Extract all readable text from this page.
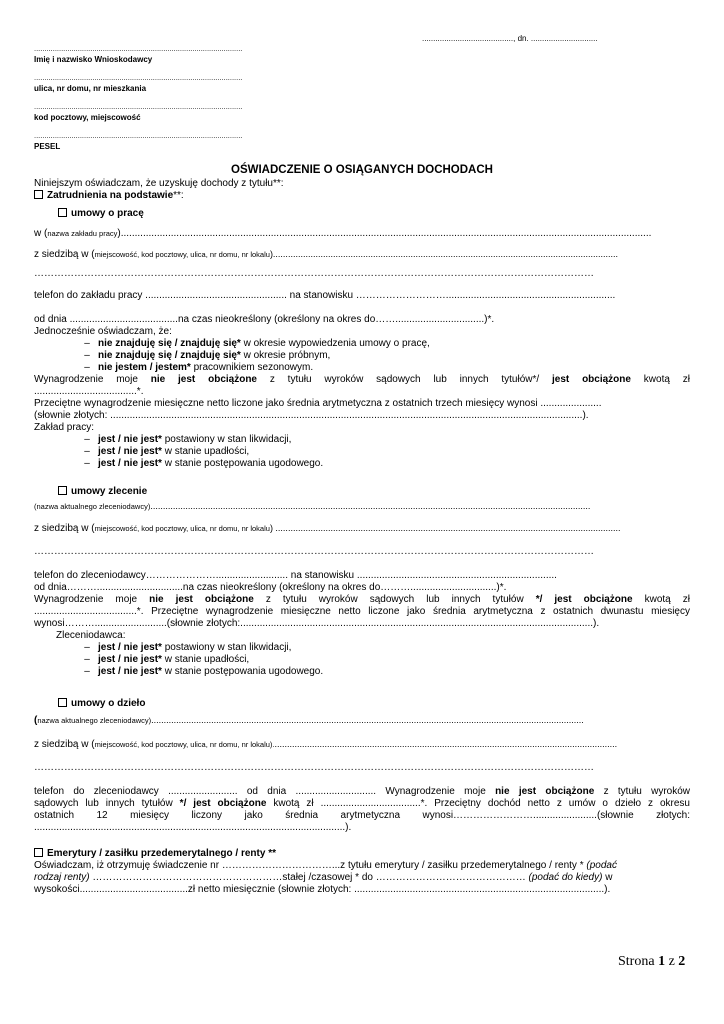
........................................., dn. ..............................
....................................................................................................
Imię i nazwisko Wnioskodawcy
....................................................................................................
ulica, nr domu, nr mieszkania
....................................................................................................
kod pocztowy, miejscowość
....................................................................................................
PESEL
OŚWIADCZENIE O OSIĄGANYCH DOCHODACH
Niniejszym oświadczam, że uzyskuję dochody z tytułu**:
Zatrudnienia na podstawie**:
umowy o pracę
w (nazwa zakładu pracy)...............................................................................................................................................................................................
z siedzibą w (miejscowość, kod pocztowy, ulica, nr domu, nr lokalu)..........................................................................................................................................
……………………………………………………………………………………………………………………………………………………
telefon do zakładu pracy ................................................... na stanowisku ……………………….............................................................
od dnia .......................................na czas nieokreślony (określony na okres do……................................)*.
Jednocześnie oświadczam, że:
– nie znajduję się / znajduję się* w okresie wypowiedzenia umowy o pracę,
– nie znajduję się / znajduję się* w okresie próbnym,
– nie jestem / jestem* pracownikiem sezonowym.
Wynagrodzenie moje nie jest obciążone z tytułu wyroków sądowych lub innych tytułów*/ jest obciążone kwotą zł
.....................................*.
Przeciętne wynagrodzenie miesięczne netto liczone jako średnia arytmetyczna z ostatnich trzech miesięcy wynosi ......................
(słownie złotych: ..........................................................................................................................................................................).
Zakład pracy:
– jest / nie jest* postawiony w stan likwidacji,
– jest / nie jest* w stanie upadłości,
– jest / nie jest* w stanie postępowania ugodowego.
umowy zlecenie
(nazwa aktualnego zleceniodawcy)................................................................................................................................................................................
z siedzibą w (miejscowość, kod pocztowy, ulica, nr domu, nr lokalu) ..........................................................................................................................................
……………………………………………………………………………………………………………………………………………………
telefon do zleceniodawcy………………….......................... na stanowisku ........................................................................
od dnia………...............................na czas nieokreślony (określony na okres do………...............................)*.
Wynagrodzenie moje nie jest obciążone z tytułu wyroków sądowych lub innych tytułów */ jest obciążone kwotą zł
.....................................*. Przeciętne wynagrodzenie miesięczne netto liczone jako średnia arytmetyczna z ostatnich dwunastu miesięcy
wynosi………..........................(słownie złotych:...............................................................................................................................).
Zleceniodawca:
– jest / nie jest* postawiony w stan likwidacji,
– jest / nie jest* w stanie upadłości,
– jest / nie jest* w stanie postępowania ugodowego.
umowy o dzieło
(nazwa aktualnego zleceniodawcy).............................................................................................................................................................................
z siedzibą w (miejscowość, kod pocztowy, ulica, nr domu, nr lokalu)..........................................................................................................................................
……………………………………………………………………………………………………………………………………………………
telefon do zleceniodawcy ......................... od dnia ............................. Wynagrodzenie moje nie jest obciążone z tytułu wyroków
sądowych lub innych tytułów */ jest obciążone kwotą zł ....................................*. Przeciętny dochód netto z umów o dzieło z okresu
ostatnich 12 miesięcy liczony jako średnia arytmetyczna wynosi…………………….......................(słownie złotych:
................................................................................................................).
Emerytury / zasiłku przedemerytalnego / renty **
Oświadczam, iż otrzymuję świadczenie nr ……………………………...z tytułu emerytury / zasiłku przedemerytalnego / renty * (podać
rodzaj renty) …………………………………………………stałej /czasowej * do ……………………………………… (podać do kiedy) w
wysokości.......................................zł netto miesięcznie (słownie złotych: ..........................................................................................).
Strona 1 z 2
